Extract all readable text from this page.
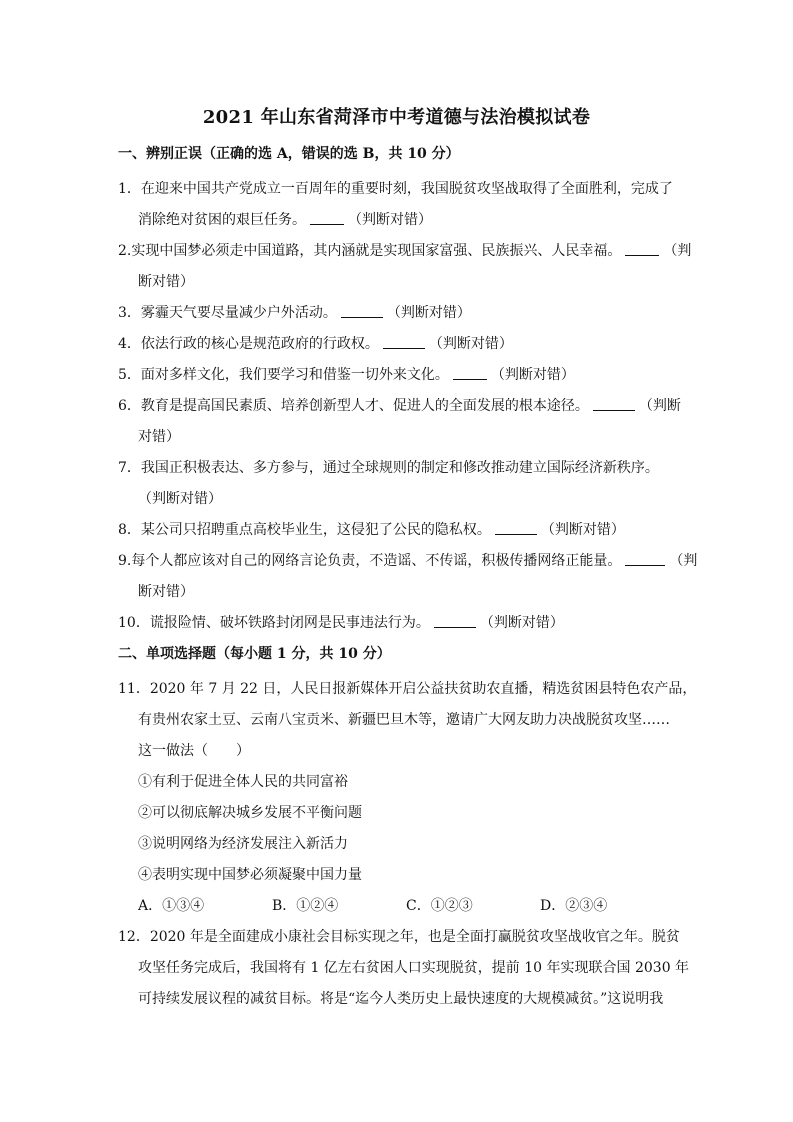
2021 年山东省菏泽市中考道德与法治模拟试卷
一、辨别正误（正确的选 A，错误的选 B，共 10 分）
1．在迎来中国共产党成立一百周年的重要时刻，我国脱贫攻坚战取得了全面胜利，完成了
消除绝对贫困的艰巨任务。	（判断对错）
2.实现中国梦必须走中国道路，其内涵就是实现国家富强、民族振兴、人民幸福。	（判
断对错）
3．雾霾天气要尽量减少户外活动。	（判断对错）
4．依法行政的核心是规范政府的行政权。	（判断对错）
5．面对多样文化，我们要学习和借鉴一切外来文化。	（判断对错）
6．教育是提高国民素质、培养创新型人才、促进人的全面发展的根本途径。	（判断
对错）
7．我国正积极表达、多方参与，通过全球规则的制定和修改推动建立国际经济新秩序。
（判断对错）
8．某公司只招聘重点高校毕业生，这侵犯了公民的隐私权。	（判断对错）
9.每个人都应该对自己的网络言论负责，不造谣、不传谣，积极传播网络正能量。	（判
断对错）
10．谎报险情、破坏铁路封闭网是民事违法行为。	（判断对错）
二、单项选择题（每小题 1 分，共 10 分）
11．2020 年 7 月 22 日，人民日报新媒体开启公益扶贫助农直播，精选贫困县特色农产品，
有贵州农家土豆、云南八宝贡米、新疆巴旦木等，邀请广大网友助力决战脱贫攻坚……
这一做法（　　）
①有利于促进全体人民的共同富裕
②可以彻底解决城乡发展不平衡问题
③说明网络为经济发展注入新活力
④表明实现中国梦必须凝聚中国力量
A．①③④	B．①②④	C．①②③	D．②③④
12．2020 年是全面建成小康社会目标实现之年，也是全面打赢脱贫攻坚战收官之年。脱贫
攻坚任务完成后，我国将有 1 亿左右贫困人口实现脱贫，提前 10 年实现联合国 2030 年
可持续发展议程的减贫目标。将是“迄今人类历史上最快速度的大规模减贫。”这说明我
